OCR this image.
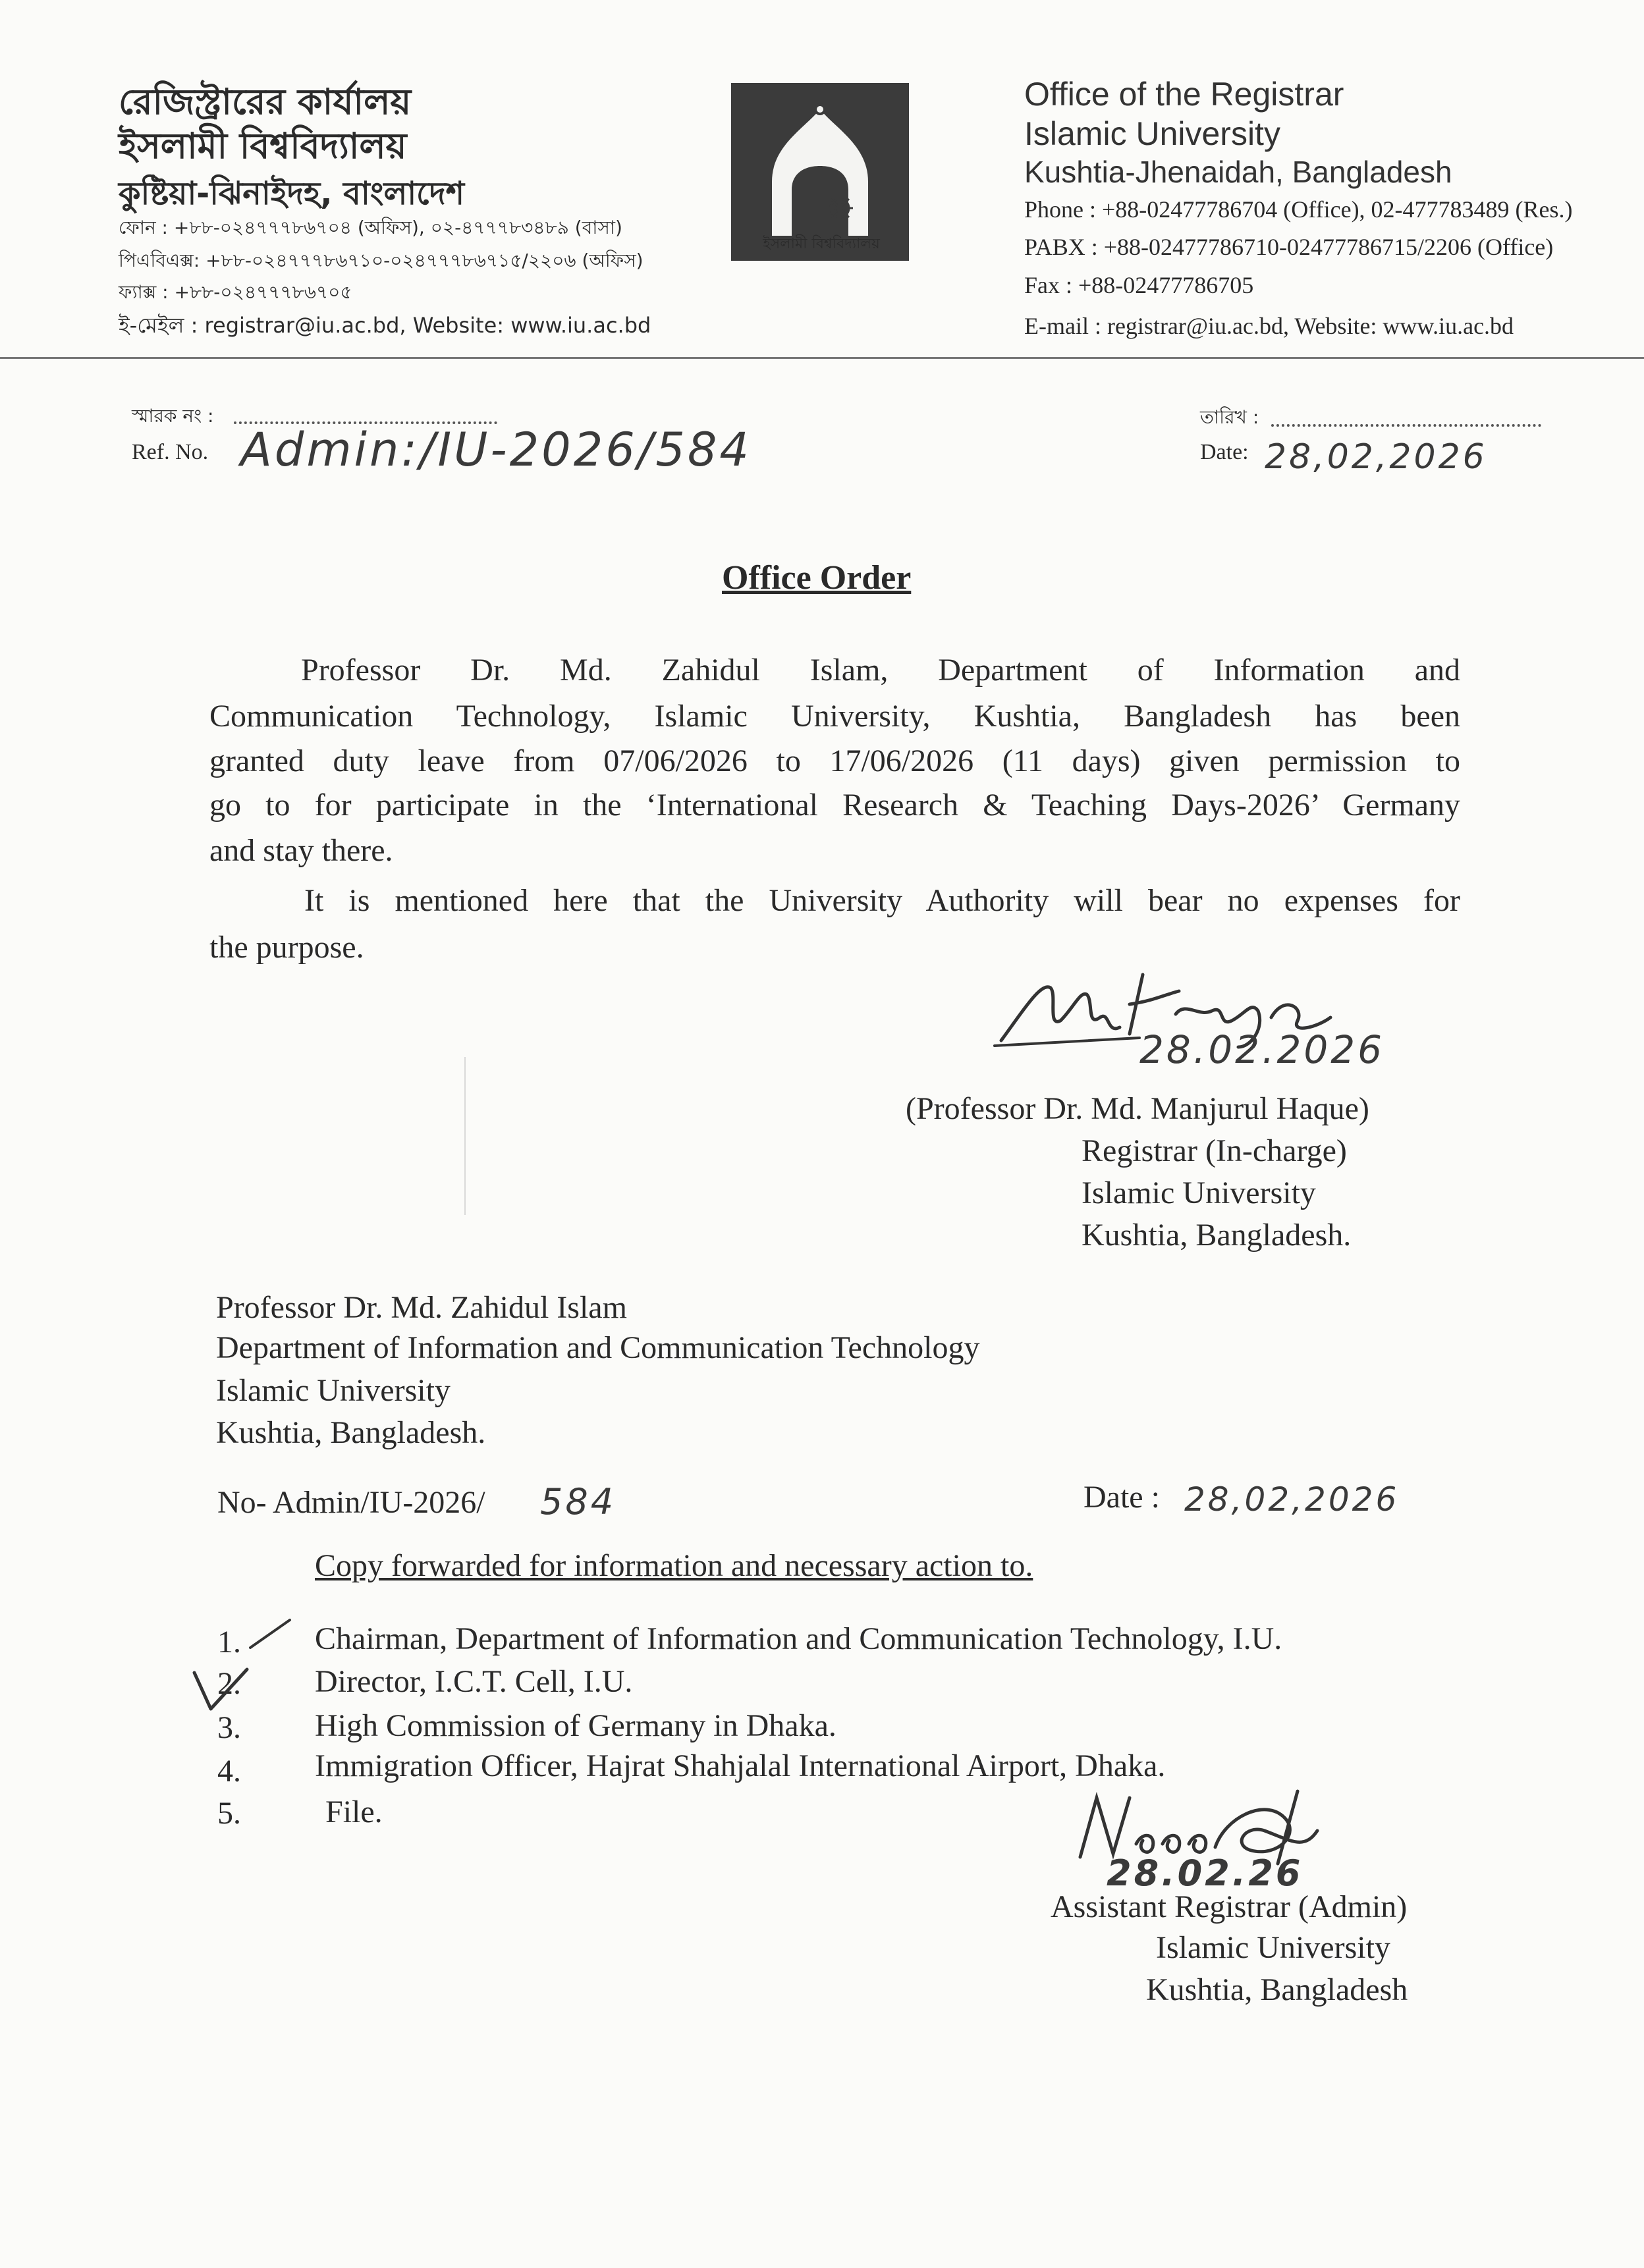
রেজিস্ট্রারের কার্যালয়
ইসলামী বিশ্ববিদ্যালয়
কুষ্টিয়া-ঝিনাইদহ, বাংলাদেশ
ফোন : +৮৮-০২৪৭৭৭৮৬৭০৪ (অফিস), ০২-৪৭৭৭৮৩৪৮৯ (বাসা)
পিএবিএক্স: +৮৮-০২৪৭৭৭৮৬৭১০-০২৪৭৭৭৮৬৭১৫/২২০৬ (অফিস)
ফ্যাক্স : +৮৮-০২৪৭৭৭৮৬৭০৫
ই-মেইল : registrar@iu.ac.bd, Website: www.iu.ac.bd
ইসলামী বিশ্ববিদ্যালয়
Office of the Registrar
Islamic University
Kushtia-Jhenaidah, Bangladesh
Phone : +88-02477786704 (Office), 02-477783489 (Res.)
PABX : +88-02477786710-02477786715/2206 (Office)
Fax : +88-02477786705
E-mail : registrar@iu.ac.bd, Website: www.iu.ac.bd
স্মারক নং :
Ref. No. Admin:/IU-2026/584
তারিখ :
Date: 28,02,2026
Office Order
Professor Dr. Md. Zahidul Islam, Department of Information and
Communication Technology, Islamic University, Kushtia, Bangladesh has been
granted duty leave from 07/06/2026 to 17/06/2026 (11 days) given permission to
go to for participate in the ‘International Research & Teaching Days-2026’ Germany
and stay there.
It is mentioned here that the University Authority will bear no expenses for
the purpose.
28.02.2026
(Professor Dr. Md. Manjurul Haque)
Registrar (In-charge)
Islamic University
Kushtia, Bangladesh.
Professor Dr. Md. Zahidul Islam
Department of Information and Communication Technology
Islamic University
Kushtia, Bangladesh.
No- Admin/IU-2026/ 584	Date : 28,02,2026
Copy forwarded for information and necessary action to.
1. Chairman, Department of Information and Communication Technology, I.U.
2. Director, I.C.T. Cell, I.U.
3. High Commission of Germany in Dhaka.
4. Immigration Officer, Hajrat Shahjalal International Airport, Dhaka.
5.	File.
28.02.26
Assistant Registrar (Admin)
Islamic University
Kushtia, Bangladesh
